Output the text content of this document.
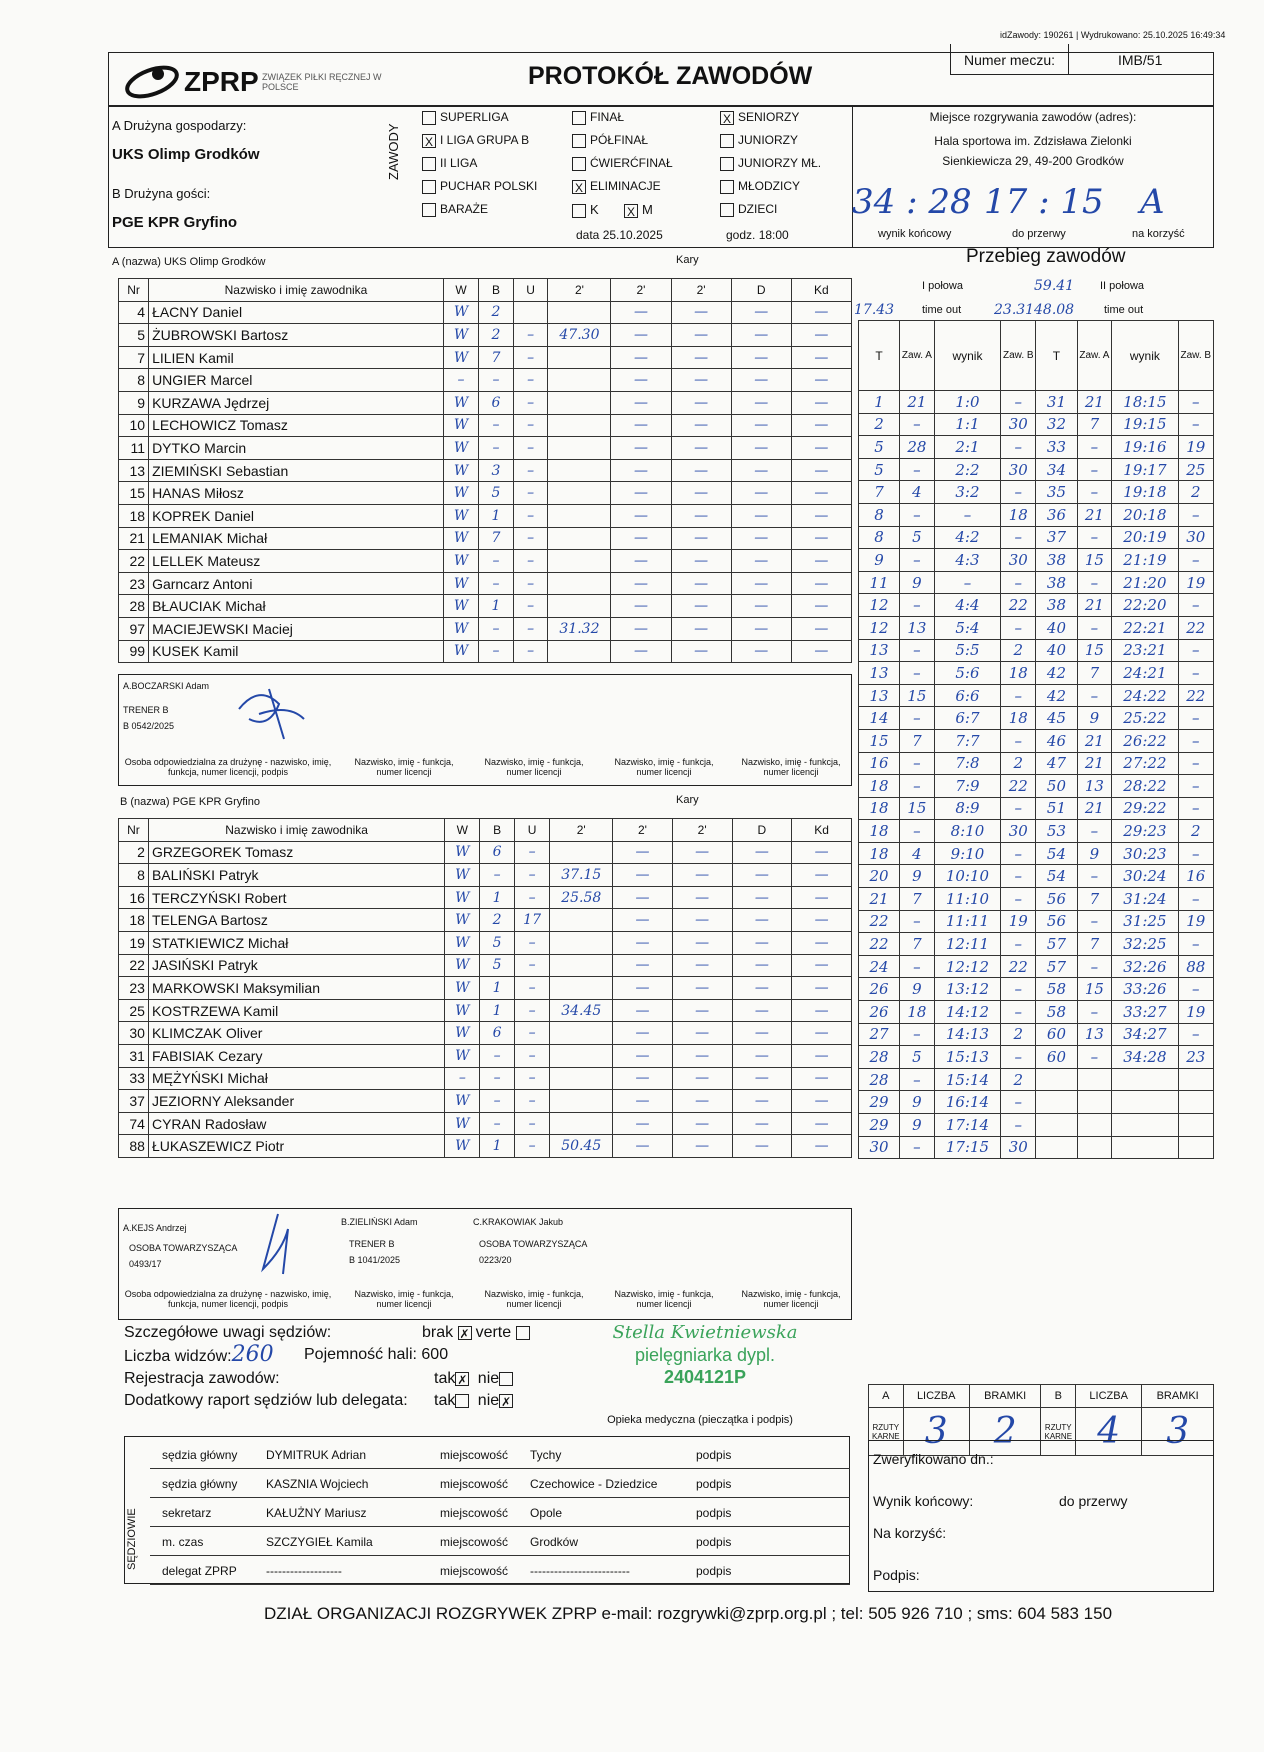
idZawody: 190261 | Wydrukowano: 25.10.2025 16:49:34
ZPRP ZWIĄZEK PIŁKI RĘCZNEJ W POLSCE	PROTOKÓŁ ZAWODÓW
Numer meczu:	IMB/51
A Drużyna gospodarzy:
UKS Olimp Grodków
B Drużyna gości:
PGE KPR Gryfino
ZAWODY
SUPERLIGA
X I LIGA GRUPA B
II LIGA
PUCHAR POLSKI
BARAŻE
FINAŁ
PÓŁFINAŁ
ĆWIERĆFINAŁ
X ELIMINACJE
K X M
X SENIORZY
JUNIORZY
JUNIORZY MŁ.
MŁODZICY
DZIECI
data 25.10.2025	godz. 18:00
Miejsce rozgrywania zawodów (adres):
Hala sportowa im. Zdzisława Zielonki
Sienkiewicza 29, 49-200 Grodków
34 : 28 17 : 15 A
wynik końcowy	do przerwy	na korzyść
A (nazwa) UKS Olimp Grodków	Kary
Nr	Nazwisko i imię zawodnika	W	B	U	2'	2'	2'	D	Kd
4	ŁACNY Daniel	W	2			—	—	—	—
5	ŻUBROWSKI Bartosz	W	2	–	47.30	—	—	—	—
7	LILIEN Kamil	W	7	–		—	—	—	—
8	UNGIER Marcel	–	–	–		—	—	—	—
9	KURZAWA Jędrzej	W	6	–		—	—	—	—
10	LECHOWICZ Tomasz	W	–	–		—	—	—	—
11	DYTKO Marcin	W	–	–		—	—	—	—
13	ZIEMIŃSKI Sebastian	W	3	–		—	—	—	—
15	HANAS Miłosz	W	5	–		—	—	—	—
18	KOPREK Daniel	W	1	–		—	—	—	—
21	LEMANIAK Michał	W	7	–		—	—	—	—
22	LELLEK Mateusz	W	–	–		—	—	—	—
23	Garncarz Antoni	W	–	–		—	—	—	—
28	BŁAUCIAK Michał	W	1	–		—	—	—	—
97	MACIEJEWSKI Maciej	W	–	–	31.32	—	—	—	—
99	KUSEK Kamil	W	–	–		—	—	—	—
A.BOCZARSKI Adam
TRENER B
B 0542/2025
Osoba odpowiedzialna za drużynę - nazwisko, imię, funkcja, numer licencji, podpis
Nazwisko, imię - funkcja, numer licencji
Nazwisko, imię - funkcja, numer licencji
Nazwisko, imię - funkcja, numer licencji
Nazwisko, imię - funkcja, numer licencji
B (nazwa) PGE KPR Gryfino	Kary
Nr	Nazwisko i imię zawodnika	W	B	U	2'	2'	2'	D	Kd
2	GRZEGOREK Tomasz	W	6	–		—	—	—	—
8	BALIŃSKI Patryk	W	–	–	37.15	—	—	—	—
16	TERCZYŃSKI Robert	W	1	–	25.58	—	—	—	—
18	TELENGA Bartosz	W	2	17		—	—	—	—
19	STATKIEWICZ Michał	W	5	–		—	—	—	—
22	JASIŃSKI Patryk	W	5	–		—	—	—	—
23	MARKOWSKI Maksymilian	W	1	–		—	—	—	—
25	KOSTRZEWA Kamil	W	1	–	34.45	—	—	—	—
30	KLIMCZAK Oliver	W	6	–		—	—	—	—
31	FABISIAK Cezary	W	–	–		—	—	—	—
33	MĘŻYŃSKI Michał	–	–	–		—	—	—	—
37	JEZIORNY Aleksander	W	–	–		—	—	—	—
74	CYRAN Radosław	W	–	–		—	—	—	—
88	ŁUKASZEWICZ Piotr	W	1	–	50.45	—	—	—	—
A.KEJS Andrzej
OSOBA TOWARZYSZĄCA
0493/17
B.ZIELIŃSKI Adam
TRENER B
B 1041/2025
C.KRAKOWIAK Jakub
OSOBA TOWARZYSZĄCA
0223/20
Osoba odpowiedzialna za drużynę - nazwisko, imię, funkcja, numer licencji, podpis
Nazwisko, imię - funkcja, numer licencji
Nazwisko, imię - funkcja, numer licencji
Nazwisko, imię - funkcja, numer licencji
Nazwisko, imię - funkcja, numer licencji
Przebieg zawodów
I połowa	II połowa
time out	time out
17.43	23.31 48.08
59.41
T	Zaw. A	wynik	Zaw. B	T	Zaw. A	wynik	Zaw. B
1	21	1:0	–	31	21	18:15	–
2	–	1:1	30	32	7	19:15	–
5	28	2:1	–	33	–	19:16	19
5	–	2:2	30	34	–	19:17	25
7	4	3:2	–	35	–	19:18	2
8	–	–	18	36	21	20:18	–
8	5	4:2	–	37	–	20:19	30
9	–	4:3	30	38	15	21:19	–
11	9	–	–	38	–	21:20	19
12	–	4:4	22	38	21	22:20	–
12	13	5:4	–	40	–	22:21	22
13	–	5:5	2	40	15	23:21	–
13	–	5:6	18	42	7	24:21	–
13	15	6:6	–	42	–	24:22	22
14	–	6:7	18	45	9	25:22	–
15	7	7:7	–	46	21	26:22	–
16	–	7:8	2	47	21	27:22	–
18	–	7:9	22	50	13	28:22	–
18	15	8:9	–	51	21	29:22	–
18	–	8:10	30	53	–	29:23	2
18	4	9:10	–	54	9	30:23	–
20	9	10:10	–	54	–	30:24	16
21	7	11:10	–	56	7	31:24	–
22	–	11:11	19	56	–	31:25	19
22	7	12:11	–	57	7	32:25	–
24	–	12:12	22	57	–	32:26	88
26	9	13:12	–	58	15	33:26	–
26	18	14:12	–	58	–	33:27	19
27	–	14:13	2	60	13	34:27	–
28	5	15:13	–	60	–	34:28	23
28	–	15:14	2				
29	9	16:14	–				
29	9	17:14	–				
30	–	17:15	30				
Szczegółowe uwagi sędziów:	brak ✗ verte
Liczba widzów:260 Pojemność hali: 600
Rejestracja zawodów:	tak ✗ nie
Dodatkowy raport sędziów lub delegata: tak nie ✗
Stella Kwietniewska
pielęgniarka dypl.
2404121P
Opieka medyczna (pieczątka i podpis)
A	LICZBA	BRAMKI	B	LICZBA	BRAMKI
RZUTY KARNE	3	2	RZUTY KARNE	4	3
Zweryfikowano dn.:
Wynik końcowy:	do przerwy
Na korzyść:
Podpis:
SĘDZIOWIE
sędzia główny DYMITRUK Adrian	miejscowość Tychy	podpis
sędzia główny KASZNIA Wojciech	miejscowość Czechowice - Dziedzice	podpis
sekretarz	KAŁUŻNY Mariusz	miejscowość Opole	podpis
m. czas	SZCZYGIEŁ Kamila	miejscowość Grodków	podpis
delegat ZPRP -------------------	miejscowość -------------------------	podpis
DZIAŁ ORGANIZACJI ROZGRYWEK ZPRP e-mail: rozgrywki@zprp.org.pl ; tel: 505 926 710 ; sms: 604 583 150
